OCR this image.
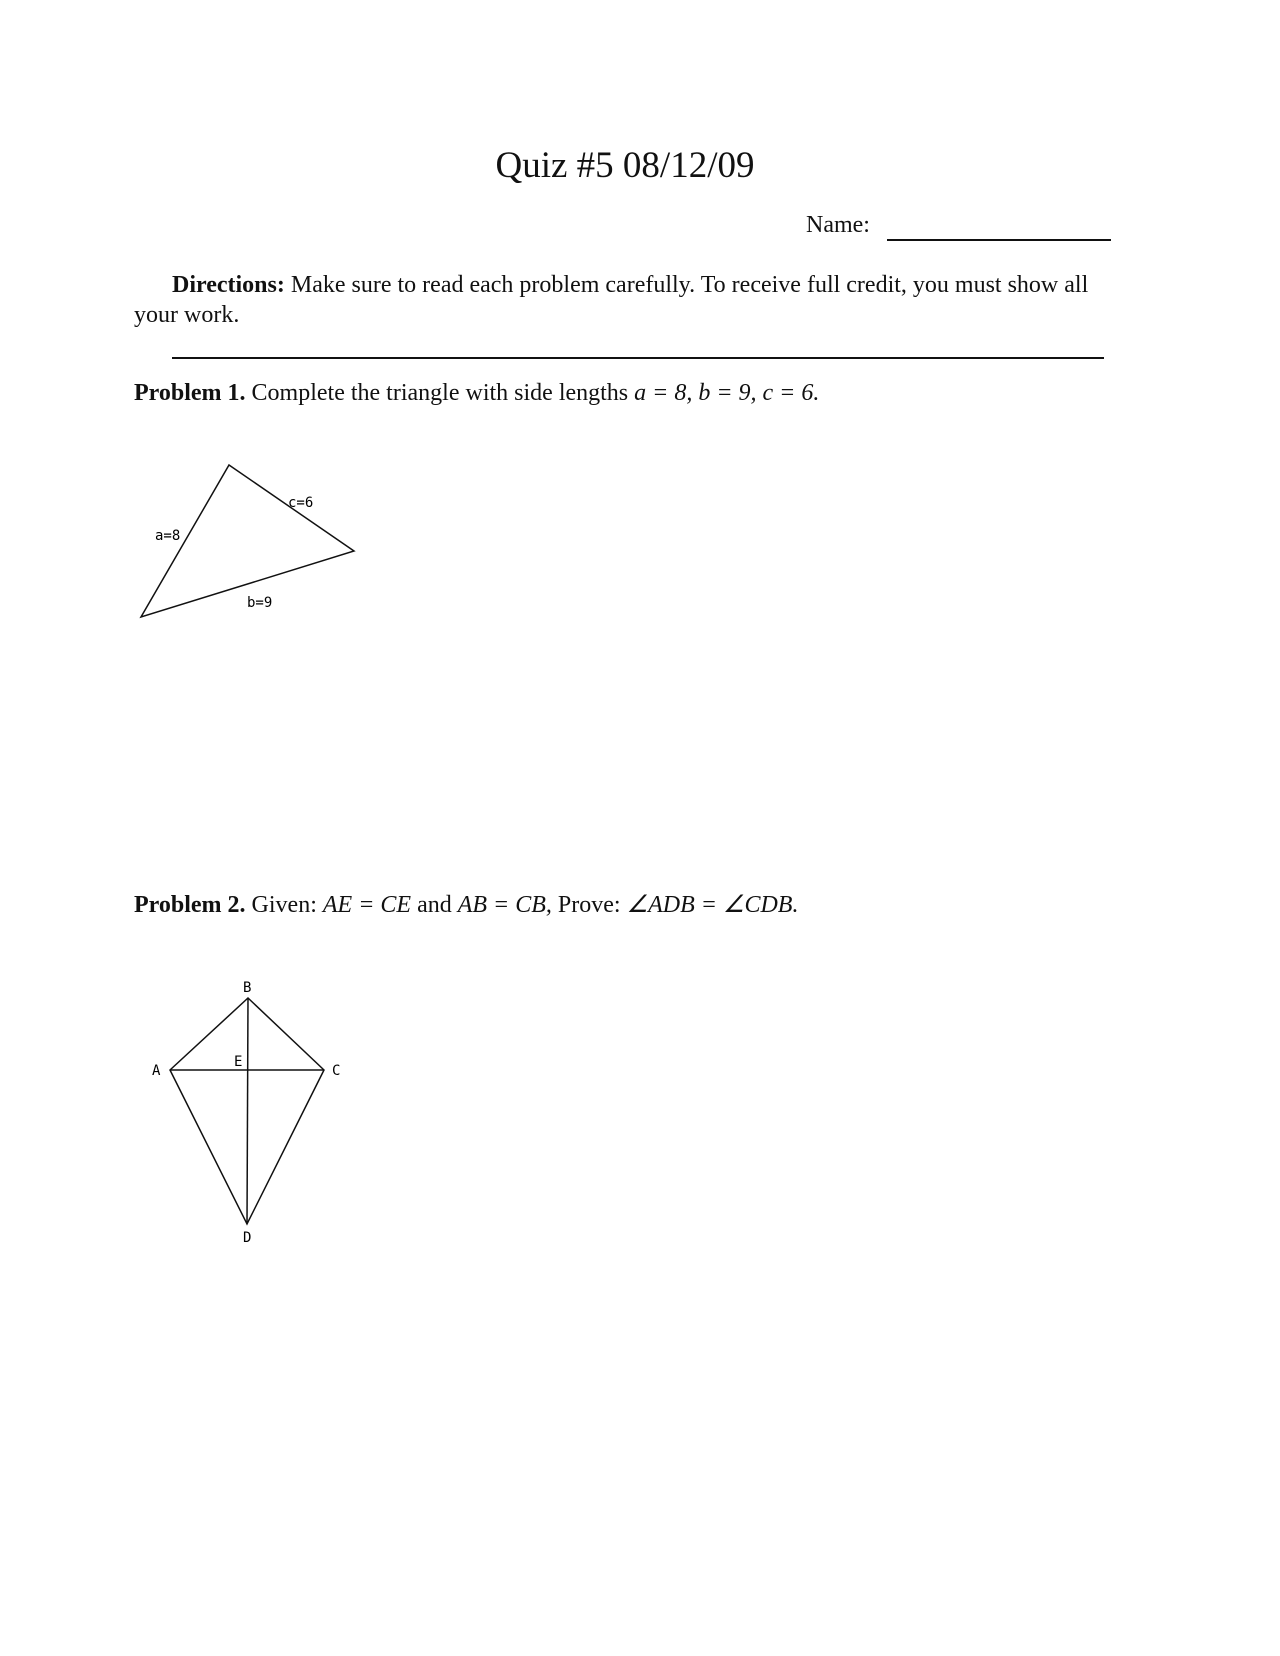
Quiz #5 08/12/09
Name:
Directions: Make sure to read each problem carefully. To receive full credit, you must show all your work.
Problem 1. Complete the triangle with side lengths a = 8, b = 9, c = 6.
a=8
c=6
b=9
Problem 2. Given: AE = CE and AB = CB, Prove: ∠ADB = ∠CDB.
B
A	C
E
D
